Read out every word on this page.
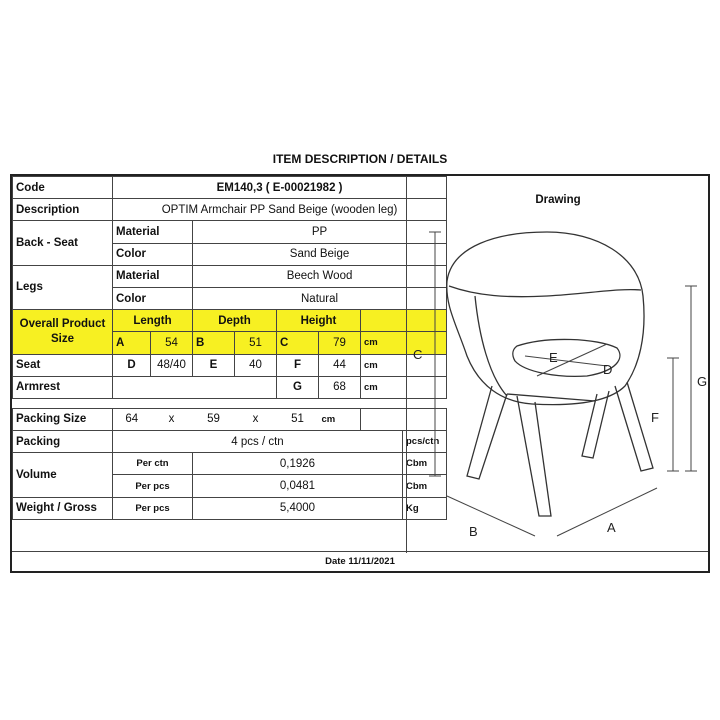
ITEM DESCRIPTION / DETAILS
Code	EM140,3 ( E-00021982 )							
Description	OPTIM Armchair PP Sand Beige (wooden leg)							
Back - Seat	Material		PP					
	Color		Sand Beige					
Legs	Material		Beech Wood					
	Color		Natural					
Overall Product Size	Length		Depth		Height			
	A	54	B	51	C	79	cm	
Seat	D	48/40	E	40	F	44	cm	
Armrest					G	68	cm	

Packing Size	64	x	59	x	51	cm		
Packing	4 pcs / ctn							pcs/ctn
Volume	Per ctn		0,1926					Cbm
	Per pcs		0,0481					Cbm
Weight / Gross	Per pcs		5,4000					Kg
Drawing
C
G
F
B	A
E
D
Date 11/11/2021
